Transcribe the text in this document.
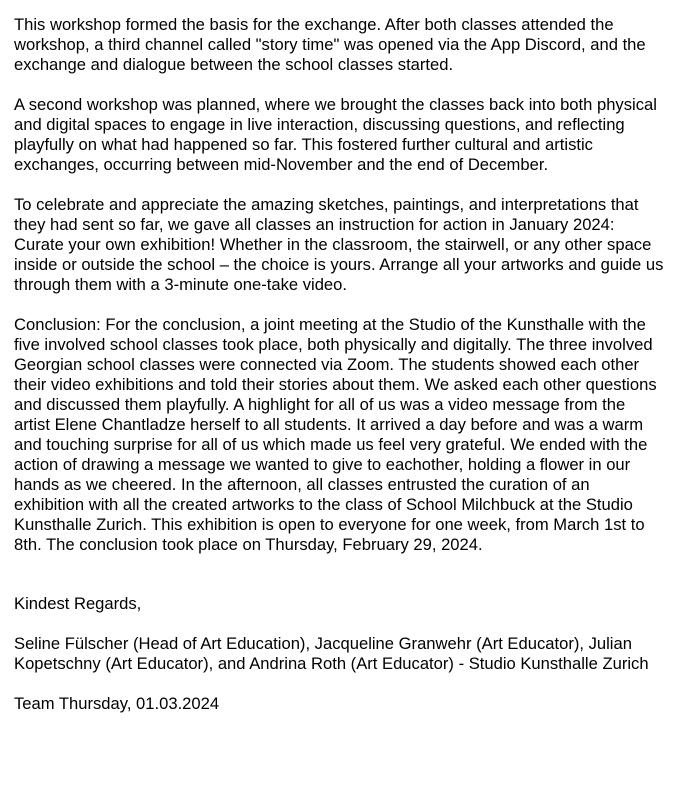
This workshop formed the basis for the exchange. After both classes attended the workshop, a third channel called "story time" was opened via the App Discord, and the exchange and dialogue between the school classes started.

A second workshop was planned, where we brought the classes back into both physical and digital spaces to engage in live interaction, discussing questions, and reflecting playfully on what had happened so far. This fostered further cultural and artistic exchanges, occurring between mid-November and the end of December.

To celebrate and appreciate the amazing sketches, paintings, and interpretations that they had sent so far, we gave all classes an instruction for action in January 2024: Curate your own exhibition! Whether in the classroom, the stairwell, or any other space inside or outside the school – the choice is yours. Arrange all your artworks and guide us through them with a 3-minute one-take video.

Conclusion: For the conclusion, a joint meeting at the Studio of the Kunsthalle with the five involved school classes took place, both physically and digitally. The three involved Georgian school classes were connected via Zoom. The students showed each other their video exhibitions and told their stories about them. We asked each other questions and discussed them playfully. A highlight for all of us was a video message from the artist Elene Chantladze herself to all students. It arrived a day before and was a warm and touching surprise for all of us which made us feel very grateful. We ended with the action of drawing a message we wanted to give to eachother, holding a flower in our hands as we cheered. In the afternoon, all classes entrusted the curation of an exhibition with all the created artworks to the class of School Milchbuck at the Studio Kunsthalle Zurich. This exhibition is open to everyone for one week, from March 1st to 8th. The conclusion took place on Thursday, February 29, 2024.

Kindest Regards,

Seline Fülscher (Head of Art Education), Jacqueline Granwehr (Art Educator), Julian Kopetschny (Art Educator), and Andrina Roth (Art Educator) - Studio Kunsthalle Zurich

Team Thursday, 01.03.2024
